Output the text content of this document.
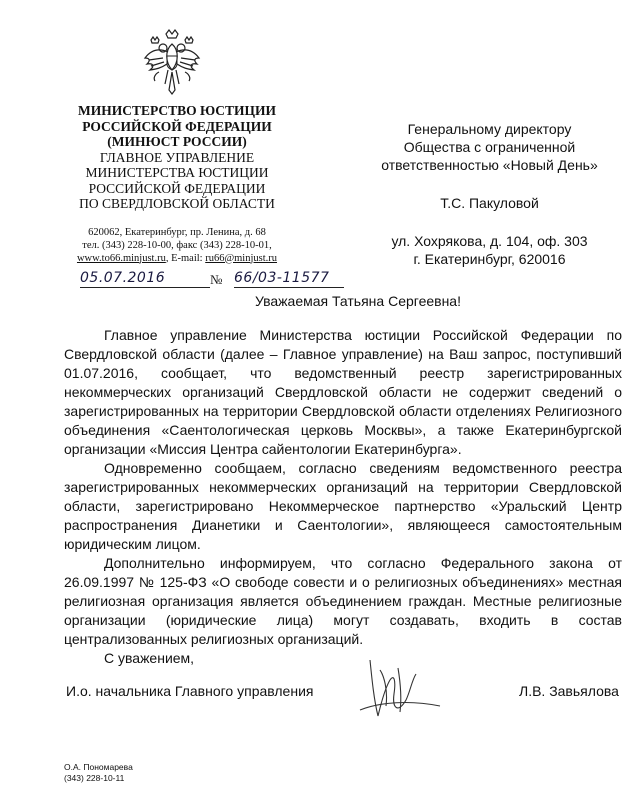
МИНИСТЕРСТВО ЮСТИЦИИ
РОССИЙСКОЙ ФЕДЕРАЦИИ
(МИНЮСТ РОССИИ)
ГЛАВНОЕ УПРАВЛЕНИЕ
МИНИСТЕРСТВА ЮСТИЦИИ
РОССИЙСКОЙ ФЕДЕРАЦИИ
ПО СВЕРДЛОВСКОЙ ОБЛАСТИ
620062, Екатеринбург, пр. Ленина, д. 68
тел. (343) 228-10-00, факс (343) 228-10-01,
www.to66.minjust.ru, E-mail: ru66@minjust.ru
Генеральному директору
Общества с ограниченной
ответственностью «Новый День»
Т.С. Пакуловой
ул. Хохрякова, д. 104, оф. 303
г. Екатеринбург, 620016
05.07.2016	№ 66/03-11577
Уважаемая Татьяна Сергеевна!

Главное управление Министерства юстиции Российской Федерации по Свердловской области (далее – Главное управление) на Ваш запрос, поступивший 01.07.2016, сообщает, что ведомственный реестр зарегистрированных некоммерческих организаций Свердловской области не содержит сведений о зарегистрированных на территории Свердловской области отделениях Религиозного объединения «Саентологическая церковь Москвы», а также Екатеринбургской организации «Миссия Центра сайентологии Екатеринбурга».

Одновременно сообщаем, согласно сведениям ведомственного реестра зарегистрированных некоммерческих организаций на территории Свердловской области, зарегистрировано Некоммерческое партнерство «Уральский Центр распространения Дианетики и Саентологии», являющееся самостоятельным юридическим лицом.

Дополнительно информируем, что согласно Федерального закона от 26.09.1997 № 125-ФЗ «О свободе совести и о религиозных объединениях» местная религиозная организация является объединением граждан. Местные религиозные организации (юридические лица) могут создавать, входить в состав централизованных религиозных организаций.

С уважением,
И.о. начальника Главного управления	Л.В. Завьялова
О.А. Пономарева
(343) 228-10-11
